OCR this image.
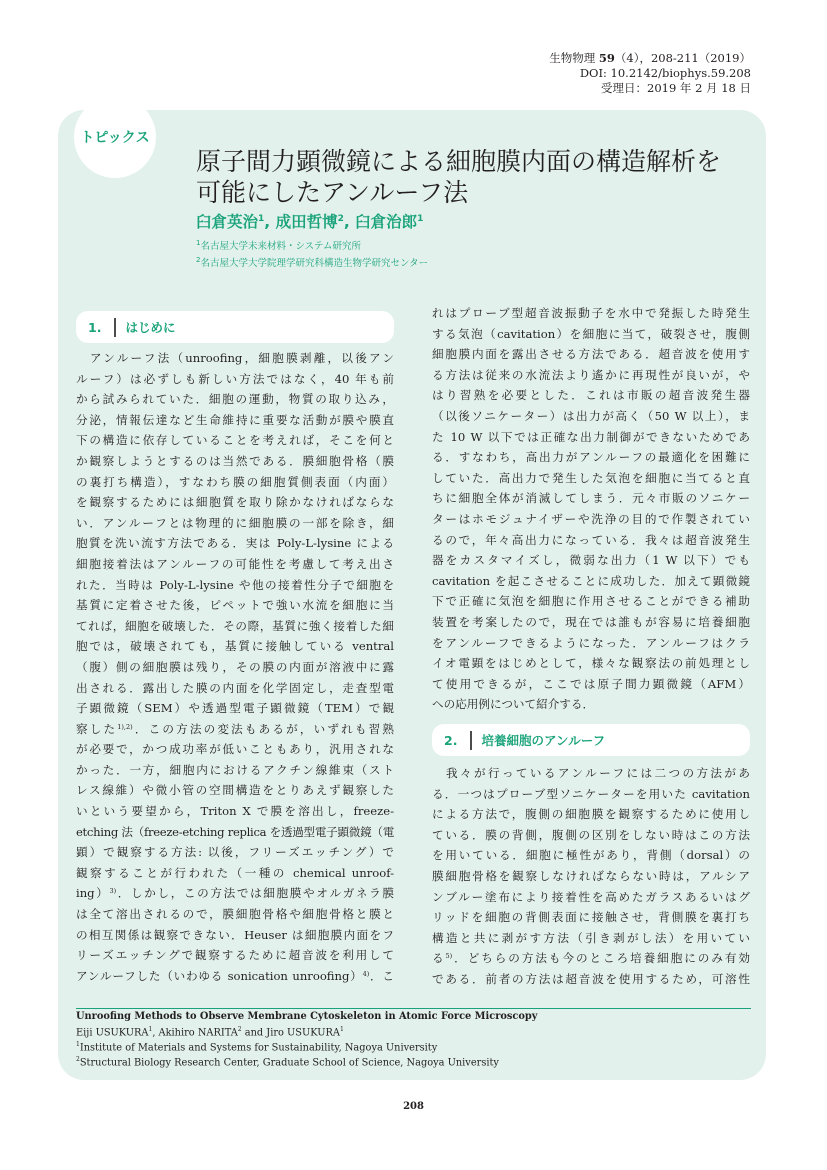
生物物理 59（4），208-211（2019）
DOI: 10.2142/biophys.59.208
受理日：2019 年 2 月 18 日
トピックス
原子間力顕微鏡による細胞膜内面の構造解析を
可能にしたアンルーフ法
臼倉英治$^1$, 成田哲博$^2$, 臼倉治郎$^1$
$^1$名古屋大学未来材料・システム研究所
$^2$名古屋大学大学院理学研究科構造生物学研究センター
1.	はじめに
　アンルーフ法（unroofing，細胞膜剥離，以後アン
ルーフ）は必ずしも新しい方法ではなく，40 年も前
から試みられていた．細胞の運動，物質の取り込み，
分泌，情報伝達など生命維持に重要な活動が膜や膜直
下の構造に依存していることを考えれば，そこを何と
か観察しようとするのは当然である．膜細胞骨格（膜
の裏打ち構造），すなわち膜の細胞質側表面（内面）
を観察するためには細胞質を取り除かなければならな
い．アンルーフとは物理的に細胞膜の一部を除き，細
胞質を洗い流す方法である．実は Poly-L-lysine による
細胞接着法はアンルーフの可能性を考慮して考え出さ
れた．当時は Poly-L-lysine や他の接着性分子で細胞を
基質に定着させた後，ピペットで強い水流を細胞に当
てれば，細胞を破壊した．その際，基質に強く接着した細
胞では，破壊されても，基質に接触している ventral
（腹）側の細胞膜は残り，その膜の内面が溶液中に露
出される．露出した膜の内面を化学固定し，走査型電
子顕微鏡（SEM）や透過型電子顕微鏡（TEM）で観
察した$^{1),2)}$．この方法の変法もあるが，いずれも習熟
が必要で，かつ成功率が低いこともあり，汎用されな
かった．一方，細胞内におけるアクチン線維束（スト
レス線維）や微小管の空間構造をとりあえず観察した
いという要望から，Triton X で膜を溶出し，freeze-
etching 法（freeze-etching replica を透過型電子顕微鏡（電
顕）で観察する方法: 以後，フリーズエッチング）で
観察することが行われた（一種の chemical unroof-
ing）$^{3)}$．しかし，この方法では細胞膜やオルガネラ膜
は全て溶出されるので，膜細胞骨格や細胞骨格と膜と
の相互関係は観察できない．Heuser は細胞膜内面をフ
リーズエッチングで観察するために超音波を利用して
アンルーフした（いわゆる sonication unroofing）$^{4)}$．こ
れはプローブ型超音波振動子を水中で発振した時発生
する気泡（cavitation）を細胞に当て，破裂させ，腹側
細胞膜内面を露出させる方法である．超音波を使用す
る方法は従来の水流法より遙かに再現性が良いが，や
はり習熟を必要とした．これは市販の超音波発生器
（以後ソニケーター）は出力が高く（50 W 以上），ま
た 10 W 以下では正確な出力制御ができないためであ
る．すなわち，高出力がアンルーフの最適化を困難に
していた．高出力で発生した気泡を細胞に当てると直
ちに細胞全体が消滅してしまう．元々市販のソニケー
ターはホモジュナイザーや洗浄の目的で作製されてい
るので，年々高出力になっている．我々は超音波発生
器をカスタマイズし，微弱な出力（1 W 以下）でも
cavitation を起こさせることに成功した．加えて顕微鏡
下で正確に気泡を細胞に作用させることができる補助
装置を考案したので，現在では誰もが容易に培養細胞
をアンルーフできるようになった．アンルーフはクラ
イオ電顕をはじめとして，様々な観察法の前処理とし
て使用できるが，ここでは原子間力顕微鏡（AFM）
への応用例について紹介する．
2.	培養細胞のアンルーフ
　我々が行っているアンルーフには二つの方法があ
る．一つはプローブ型ソニケーターを用いた cavitation
による方法で，腹側の細胞膜を観察するために使用し
ている．膜の背側，腹側の区別をしない時はこの方法
を用いている．細胞に極性があり，背側（dorsal）の
膜細胞骨格を観察しなければならない時は，アルシア
ンブルー塗布により接着性を高めたガラスあるいはグ
リッドを細胞の背側表面に接触させ，背側膜を裏打ち
構造と共に剥がす方法（引き剥がし法）を用いてい
る$^{5)}$．どちらの方法も今のところ培養細胞にのみ有効
である．前者の方法は超音波を使用するため，可溶性
Unroofing Methods to Observe Membrane Cytoskeleton in Atomic Force Microscopy
Eiji USUKURA$^1$, Akihiro NARITA$^2$ and Jiro USUKURA$^1$
$^1$Institute of Materials and Systems for Sustainability, Nagoya University
$^2$Structural Biology Research Center, Graduate School of Science, Nagoya University
208
